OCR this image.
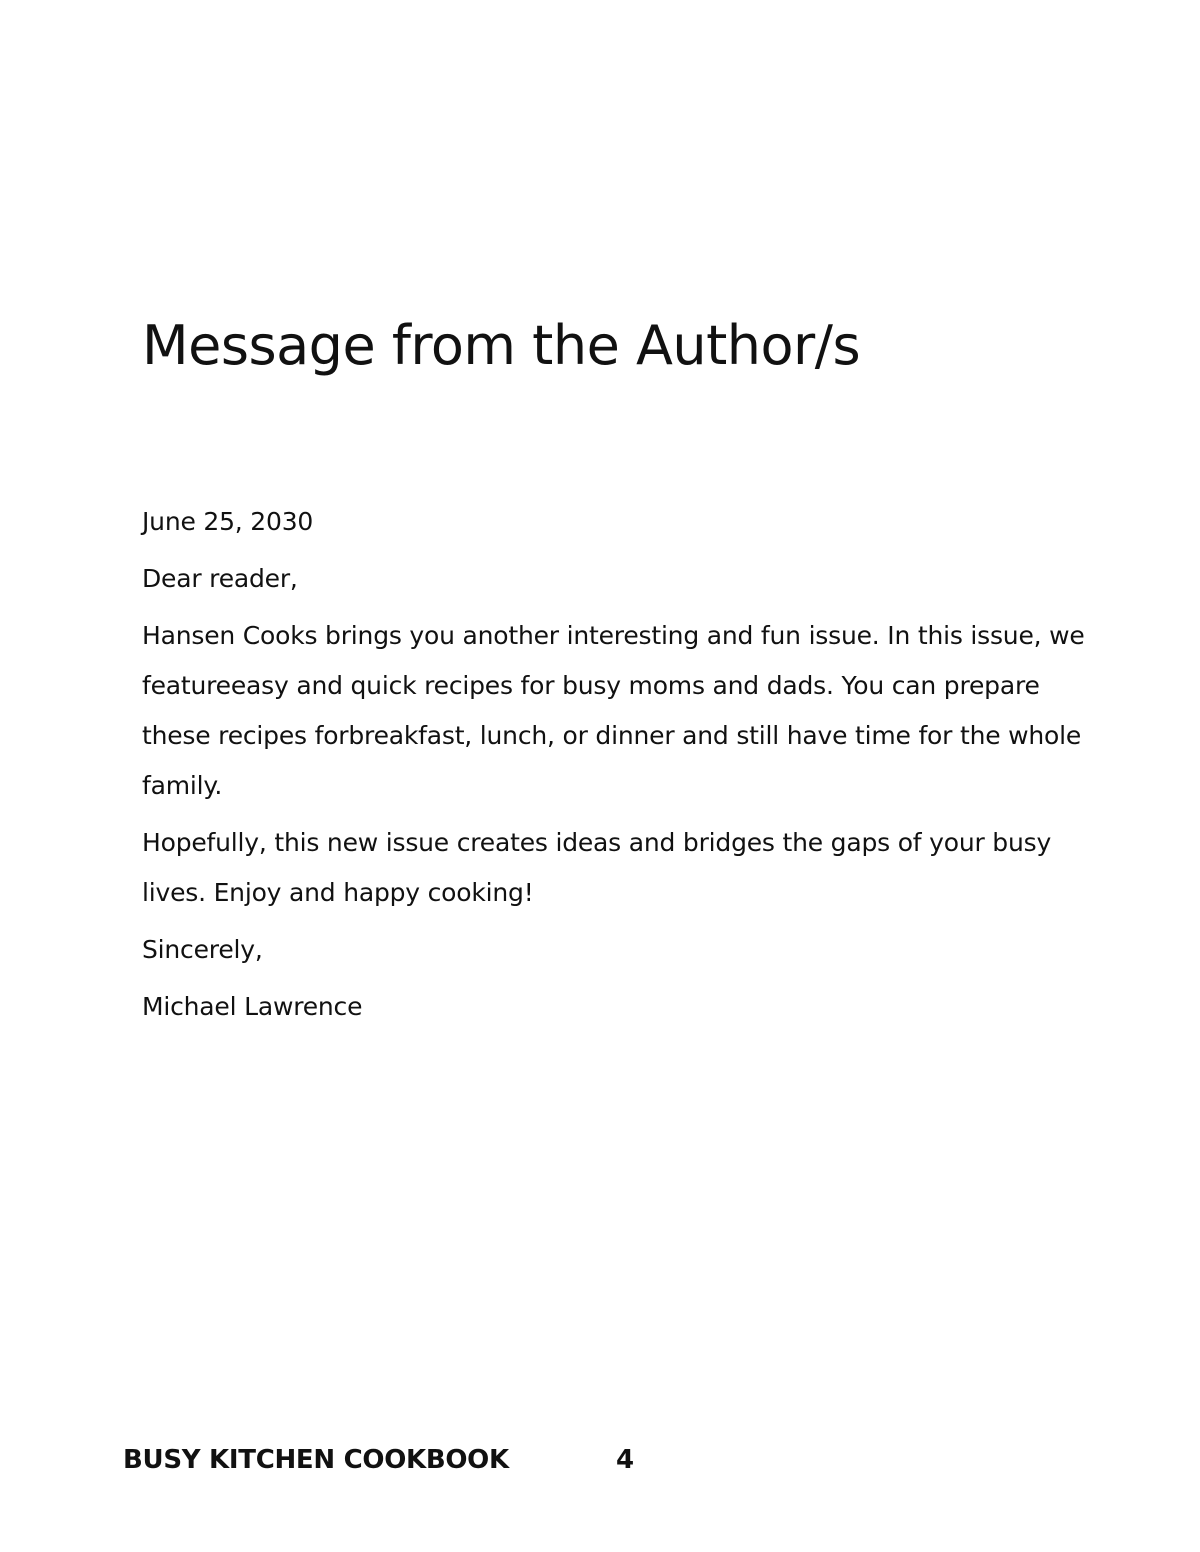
Message from the Author/s

June 25, 2030

Dear reader,

Hansen Cooks brings you another interesting and fun issue. In this issue, we featureeasy and quick recipes for busy moms and dads. You can prepare these recipes forbreakfast, lunch, or dinner and still have time for the whole family.

Hopefully, this new issue creates ideas and bridges the gaps of your busy lives. Enjoy and happy cooking!

Sincerely,

Michael Lawrence

BUSY KITCHEN COOKBOOK	4
